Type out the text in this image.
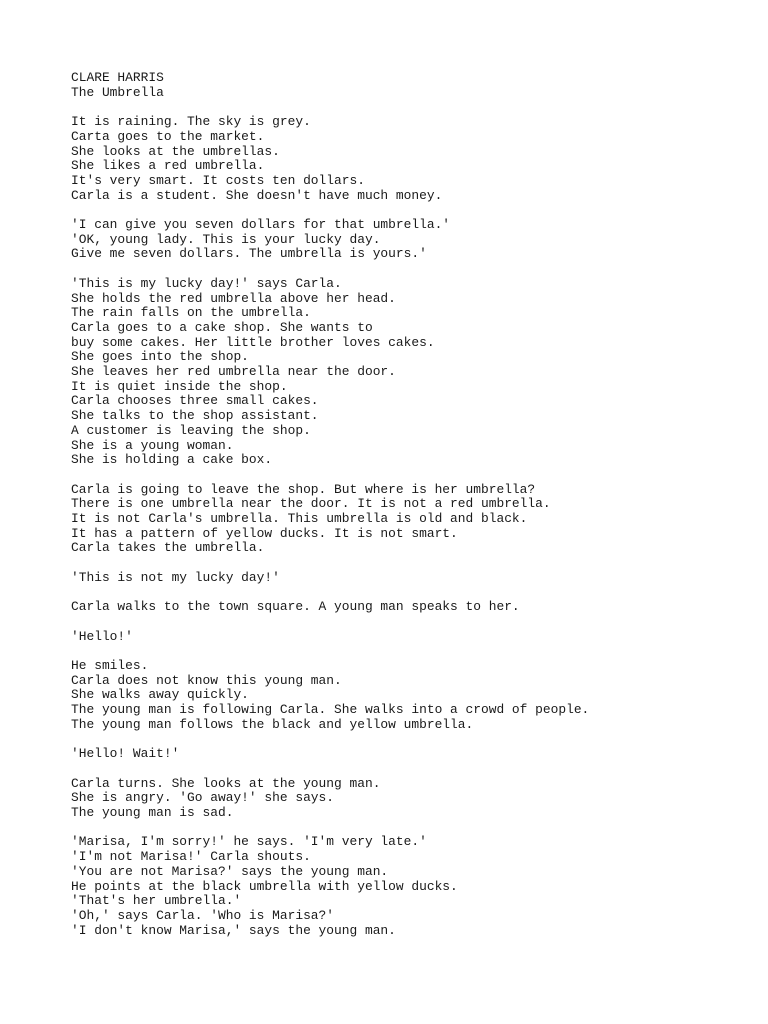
CLARE HARRIS
The Umbrella
It is raining. The sky is grey.
Carta goes to the market.
She looks at the umbrellas.
She likes a red umbrella.
It's very smart. It costs ten dollars.
Carla is a student. She doesn't have much money.
'I can give you seven dollars for that umbrella.'
'OK, young lady. This is your lucky day.
Give me seven dollars. The umbrella is yours.'
'This is my lucky day!' says Carla.
She holds the red umbrella above her head.
The rain falls on the umbrella.
Carla goes to a cake shop. She wants to
buy some cakes. Her little brother loves cakes.
She goes into the shop.
She leaves her red umbrella near the door.
It is quiet inside the shop.
Carla chooses three small cakes.
She talks to the shop assistant.
A customer is leaving the shop.
She is a young woman.
She is holding a cake box.
Carla is going to leave the shop. But where is her umbrella?
There is one umbrella near the door. It is not a red umbrella.
It is not Carla's umbrella. This umbrella is old and black.
It has a pattern of yellow ducks. It is not smart.
Carla takes the umbrella.
'This is not my lucky day!'
Carla walks to the town square. A young man speaks to her.
'Hello!'
He smiles.
Carla does not know this young man.
She walks away quickly.
The young man is following Carla. She walks into a crowd of people.
The young man follows the black and yellow umbrella.
'Hello! Wait!'
Carla turns. She looks at the young man.
She is angry. 'Go away!' she says.
The young man is sad.
'Marisa, I'm sorry!' he says. 'I'm very late.'
'I'm not Marisa!' Carla shouts.
'You are not Marisa?' says the young man.
He points at the black umbrella with yellow ducks.
'That's her umbrella.'
'Oh,' says Carla. 'Who is Marisa?'
'I don't know Marisa,' says the young man.
